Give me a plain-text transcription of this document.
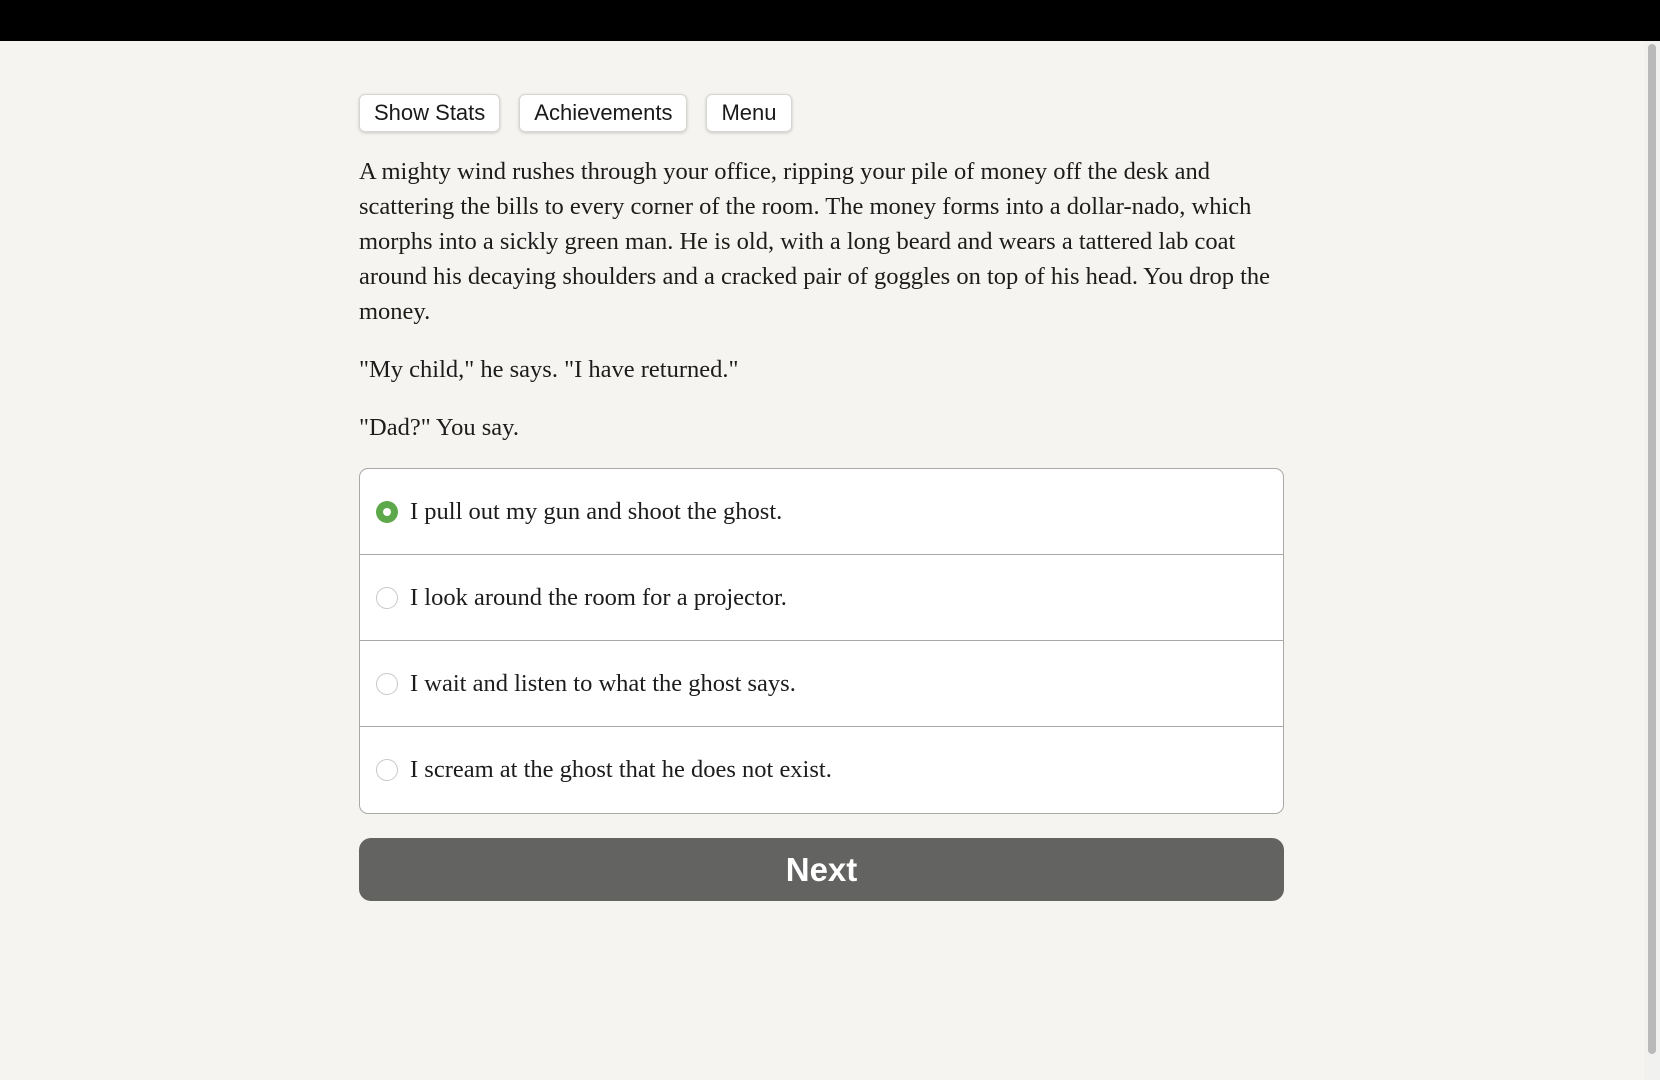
Show Stats	Achievements	Menu

A mighty wind rushes through your office, ripping your pile of money off the desk and scattering the bills to every corner of the room. The money forms into a dollar-nado, which morphs into a sickly green man. He is old, with a long beard and wears a tattered lab coat around his decaying shoulders and a cracked pair of goggles on top of his head. You drop the money.

"My child," he says. "I have returned."

"Dad?" You say.

I pull out my gun and shoot the ghost.
I look around the room for a projector.
I wait and listen to what the ghost says.
I scream at the ghost that he does not exist.
Next
